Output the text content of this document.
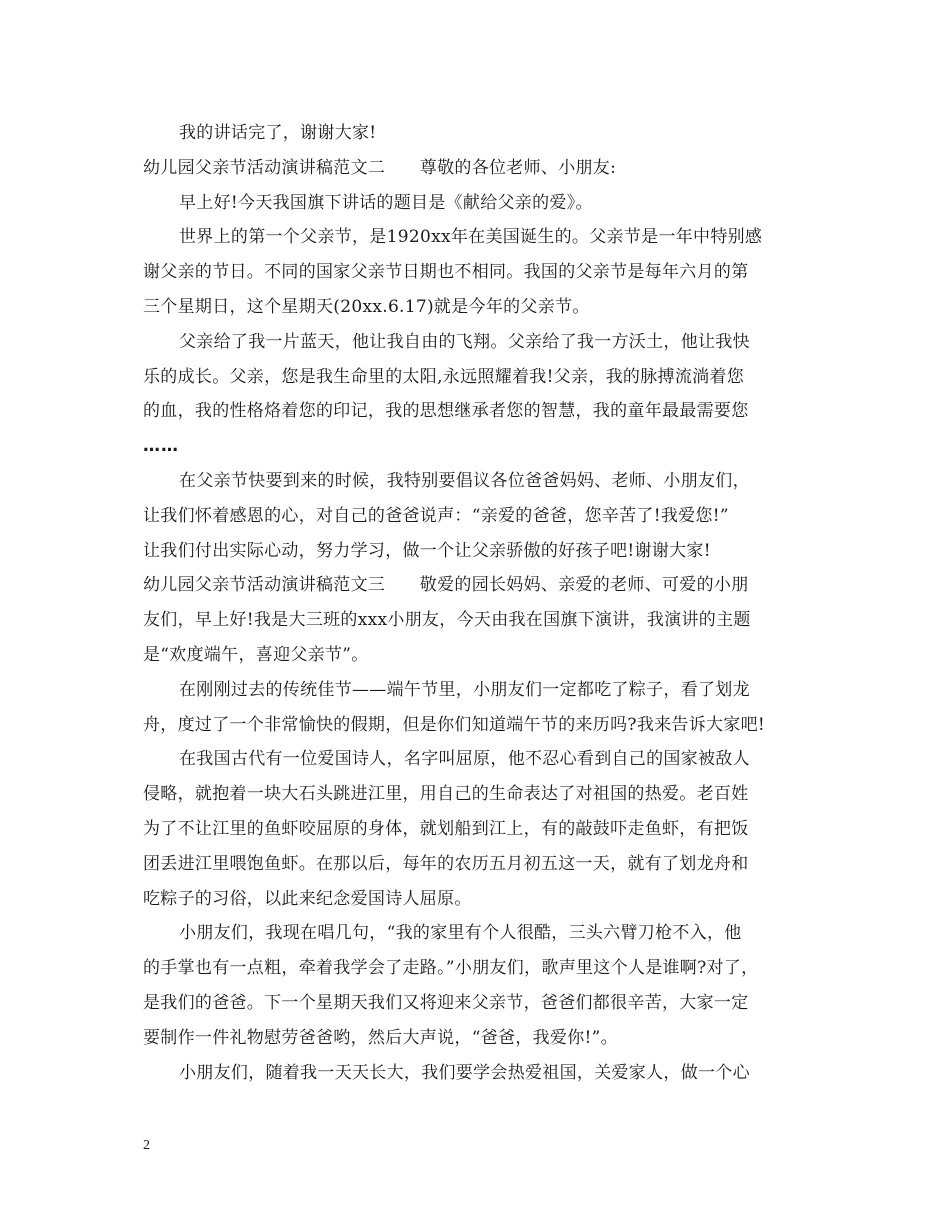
我的讲话完了，谢谢大家!
幼儿园父亲节活动演讲稿范文二　　尊敬的各位老师、小朋友:
早上好!今天我国旗下讲话的题目是《献给父亲的爱》。
世界上的第一个父亲节，是1920xx年在美国诞生的。父亲节是一年中特别感
谢父亲的节日。不同的国家父亲节日期也不相同。我国的父亲节是每年六月的第
三个星期日，这个星期天(20xx.6.17)就是今年的父亲节。
父亲给了我一片蓝天，他让我自由的飞翔。父亲给了我一方沃土，他让我快
乐的成长。父亲，您是我生命里的太阳,永远照耀着我!父亲，我的脉搏流淌着您
的血，我的性格烙着您的印记，我的思想继承者您的智慧，我的童年最最需要您
……
在父亲节快要到来的时候，我特别要倡议各位爸爸妈妈、老师、小朋友们，
让我们怀着感恩的心，对自己的爸爸说声：“亲爱的爸爸，您辛苦了!我爱您!”
让我们付出实际心动，努力学习，做一个让父亲骄傲的好孩子吧!谢谢大家!
幼儿园父亲节活动演讲稿范文三　　敬爱的园长妈妈、亲爱的老师、可爱的小朋
友们，早上好!我是大三班的xxx小朋友，今天由我在国旗下演讲，我演讲的主题
是“欢度端午，喜迎父亲节”。
在刚刚过去的传统佳节——端午节里，小朋友们一定都吃了粽子，看了划龙
舟，度过了一个非常愉快的假期，但是你们知道端午节的来历吗?我来告诉大家吧!
在我国古代有一位爱国诗人，名字叫屈原，他不忍心看到自己的国家被敌人
侵略，就抱着一块大石头跳进江里，用自己的生命表达了对祖国的热爱。老百姓
为了不让江里的鱼虾咬屈原的身体，就划船到江上，有的敲鼓吓走鱼虾，有把饭
团丢进江里喂饱鱼虾。在那以后，每年的农历五月初五这一天，就有了划龙舟和
吃粽子的习俗，以此来纪念爱国诗人屈原。
小朋友们，我现在唱几句，“我的家里有个人很酷，三头六臂刀枪不入，他
的手掌也有一点粗，牵着我学会了走路。”小朋友们，歌声里这个人是谁啊?对了，
是我们的爸爸。下一个星期天我们又将迎来父亲节，爸爸们都很辛苦，大家一定
要制作一件礼物慰劳爸爸哟，然后大声说，“爸爸，我爱你!”。
小朋友们，随着我一天天长大，我们要学会热爱祖国，关爱家人，做一个心
2
